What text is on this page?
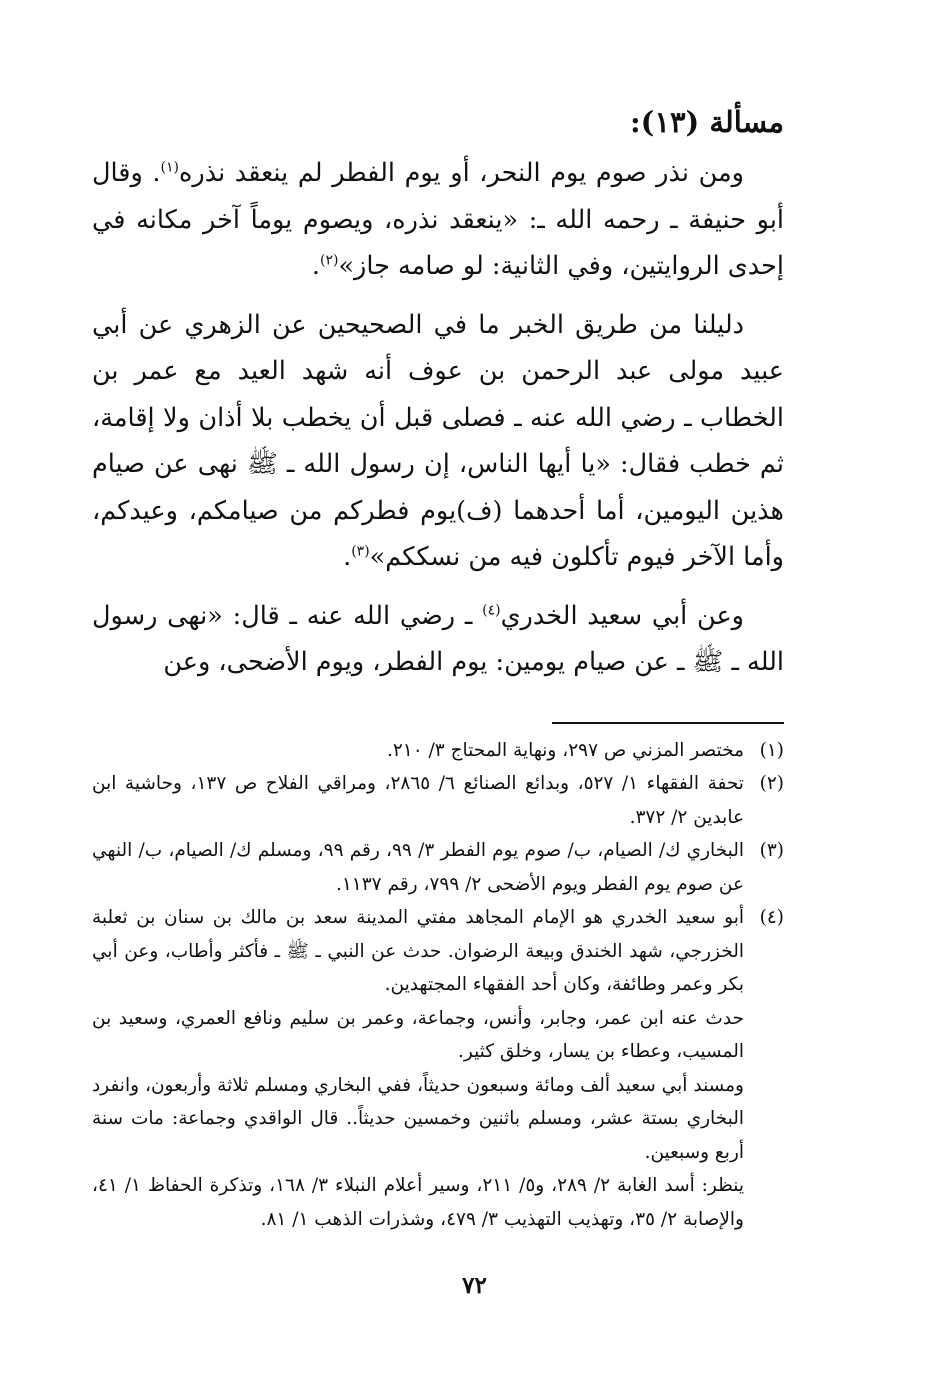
مسألة (١٣):
ومن نذر صوم يوم النحر، أو يوم الفطر لم ينعقد نذره$^{(١)}$. وقال أبو حنيفة ـ رحمه الله ـ: «ينعقد نذره، ويصوم يوماً آخر مكانه في إحدى الروايتين، وفي الثانية: لو صامه جاز»$^{(٢)}$.
دليلنا من طريق الخبر ما في الصحيحين عن الزهري عن أبي عبيد مولى عبد الرحمن بن عوف أنه شهد العيد مع عمر بن الخطاب ـ رضي الله عنه ـ فصلى قبل أن يخطب بلا أذان ولا إقامة، ثم خطب فقال: «يا أيها الناس، إن رسول الله ـ ﷺ نهى عن صيام هذين اليومين، أما أحدهما (ف)يوم فطركم من صيامكم، وعيدكم، وأما الآخر فيوم تأكلون فيه من نسككم»$^{(٣)}$.
وعن أبي سعيد الخدري$^{(٤)}$ ـ رضي الله عنه ـ قال: «نهى رسول الله ـ ﷺ ـ عن صيام يومين: يوم الفطر، ويوم الأضحى، وعن
(١)

مختصر المزني ص ٢٩٧، ونهاية المحتاج ٣/ ٢١٠.

(٢)

تحفة الفقهاء ١/ ٥٢٧، وبدائع الصنائع ٦/ ٢٨٦٥، ومراقي الفلاح ص ١٣٧، وحاشية ابن عابدين ٢/ ٣٧٢.

(٣)

البخاري ك/ الصيام، ب/ صوم يوم الفطر ٣/ ٩٩، رقم ٩٩، ومسلم ك/ الصيام، ب/ النهي عن صوم يوم الفطر ويوم الأضحى ٢/ ٧٩٩، رقم ١١٣٧.

(٤)

أبو سعيد الخدري هو الإمام المجاهد مفتي المدينة سعد بن مالك بن سنان بن ثعلبة الخزرجي، شهد الخندق وبيعة الرضوان. حدث عن النبي ـ ﷺ ـ فأكثر وأطاب، وعن أبي بكر وعمر وطائفة، وكان أحد الفقهاء المجتهدين.

حدث عنه ابن عمر، وجابر، وأنس، وجماعة، وعمر بن سليم ونافع العمري، وسعيد بن المسيب، وعطاء بن يسار، وخلق كثير.

ومسند أبي سعيد ألف ومائة وسبعون حديثاً، ففي البخاري ومسلم ثلاثة وأربعون، وانفرد البخاري بستة عشر، ومسلم باثنين وخمسين حديثاً.. قال الواقدي وجماعة: مات سنة أربع وسبعين.

ينظر: أسد الغابة ٢/ ٢٨٩، و٥/ ٢١١، وسير أعلام النبلاء ٣/ ١٦٨، وتذكرة الحفاظ ١/ ٤١، والإصابة ٢/ ٣٥، وتهذيب التهذيب ٣/ ٤٧٩، وشذرات الذهب ١/ ٨١.

٧٢
